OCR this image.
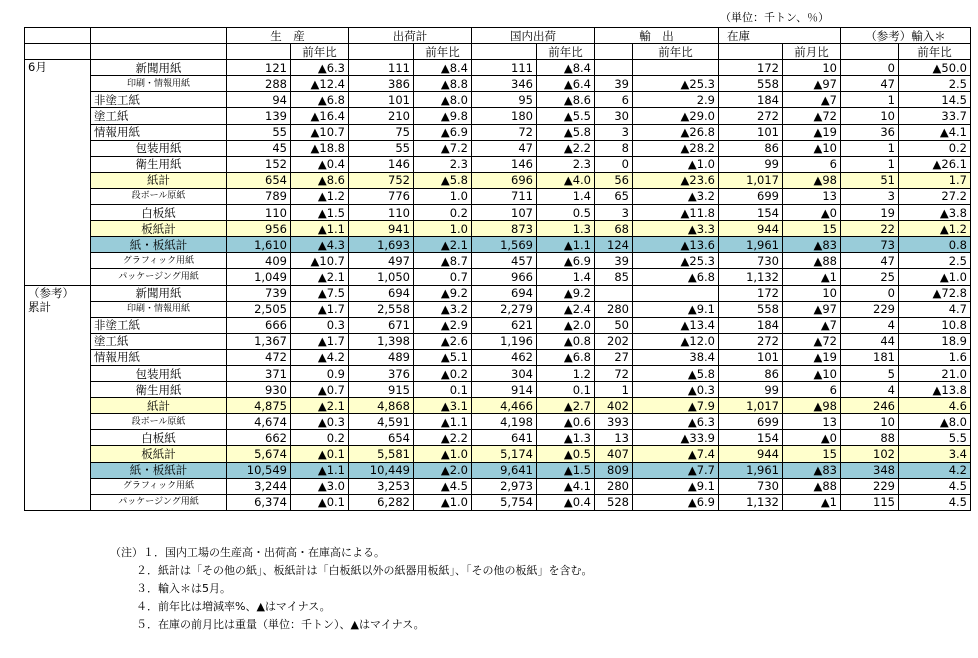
（単位：千トン、％）
		生　産		出荷計		国内出荷		輸　出		在庫		（参考）輸入＊	
			前年比		前年比		前年比		前年比		前月比		前年比
6月	新聞用紙	121	▲6.3	111	▲8.4	111	▲8.4			172	10	0	▲50.0
	印刷・情報用紙	288	▲12.4	386	▲8.8	346	▲6.4	39	▲25.3	558	▲97	47	2.5
	非塗工紙	94	▲6.8	101	▲8.0	95	▲8.6	6	2.9	184	▲7	1	14.5
	塗工紙	139	▲16.4	210	▲9.8	180	▲5.5	30	▲29.0	272	▲72	10	33.7
	情報用紙	55	▲10.7	75	▲6.9	72	▲5.8	3	▲26.8	101	▲19	36	▲4.1
	包装用紙	45	▲18.8	55	▲7.2	47	▲2.2	8	▲28.2	86	▲10	1	0.2
	衛生用紙	152	▲0.4	146	2.3	146	2.3	0	▲1.0	99	6	1	▲26.1
	紙計	654	▲8.6	752	▲5.8	696	▲4.0	56	▲23.6	1,017	▲98	51	1.7
	段ボール原紙	789	▲1.2	776	1.0	711	1.4	65	▲3.2	699	13	3	27.2
	白板紙	110	▲1.5	110	0.2	107	0.5	3	▲11.8	154	▲0	19	▲3.8
	板紙計	956	▲1.1	941	1.0	873	1.3	68	▲3.3	944	15	22	▲1.2
	紙・板紙計	1,610	▲4.3	1,693	▲2.1	1,569	▲1.1	124	▲13.6	1,961	▲83	73	0.8
	グラフィック用紙	409	▲10.7	497	▲8.7	457	▲6.9	39	▲25.3	730	▲88	47	2.5
	パッケージング用紙	1,049	▲2.1	1,050	0.7	966	1.4	85	▲6.8	1,132	▲1	25	▲1.0
（参考）
累計	新聞用紙	739	▲7.5	694	▲9.2	694	▲9.2			172	10	0	▲72.8
	印刷・情報用紙	2,505	▲1.7	2,558	▲3.2	2,279	▲2.4	280	▲9.1	558	▲97	229	4.7
	非塗工紙	666	0.3	671	▲2.9	621	▲2.0	50	▲13.4	184	▲7	4	10.8
	塗工紙	1,367	▲1.7	1,398	▲2.6	1,196	▲0.8	202	▲12.0	272	▲72	44	18.9
	情報用紙	472	▲4.2	489	▲5.1	462	▲6.8	27	38.4	101	▲19	181	1.6
	包装用紙	371	0.9	376	▲0.2	304	1.2	72	▲5.8	86	▲10	5	21.0
	衛生用紙	930	▲0.7	915	0.1	914	0.1	1	▲0.3	99	6	4	▲13.8
	紙計	4,875	▲2.1	4,868	▲3.1	4,466	▲2.7	402	▲7.9	1,017	▲98	246	4.6
	段ボール原紙	4,674	▲0.3	4,591	▲1.1	4,198	▲0.6	393	▲6.3	699	13	10	▲8.0
	白板紙	662	0.2	654	▲2.2	641	▲1.3	13	▲33.9	154	▲0	88	5.5
	板紙計	5,674	▲0.1	5,581	▲1.0	5,174	▲0.5	407	▲7.4	944	15	102	3.4
	紙・板紙計	10,549	▲1.1	10,449	▲2.0	9,641	▲1.5	809	▲7.7	1,961	▲83	348	4.2
	グラフィック用紙	3,244	▲3.0	3,253	▲4.5	2,973	▲4.1	280	▲9.1	730	▲88	229	4.5
	パッケージング用紙	6,374	▲0.1	6,282	▲1.0	5,754	▲0.4	528	▲6.9	1,132	▲1	115	4.5
（注）１．国内工場の生産高・出荷高・在庫高による。
２．紙計は「その他の紙」、板紙計は「白板紙以外の紙器用板紙」、「その他の板紙」を含む。
３．輸入＊は5月。
４．前年比は増減率%、▲はマイナス。
５．在庫の前月比は重量（単位：千トン）、▲はマイナス。
